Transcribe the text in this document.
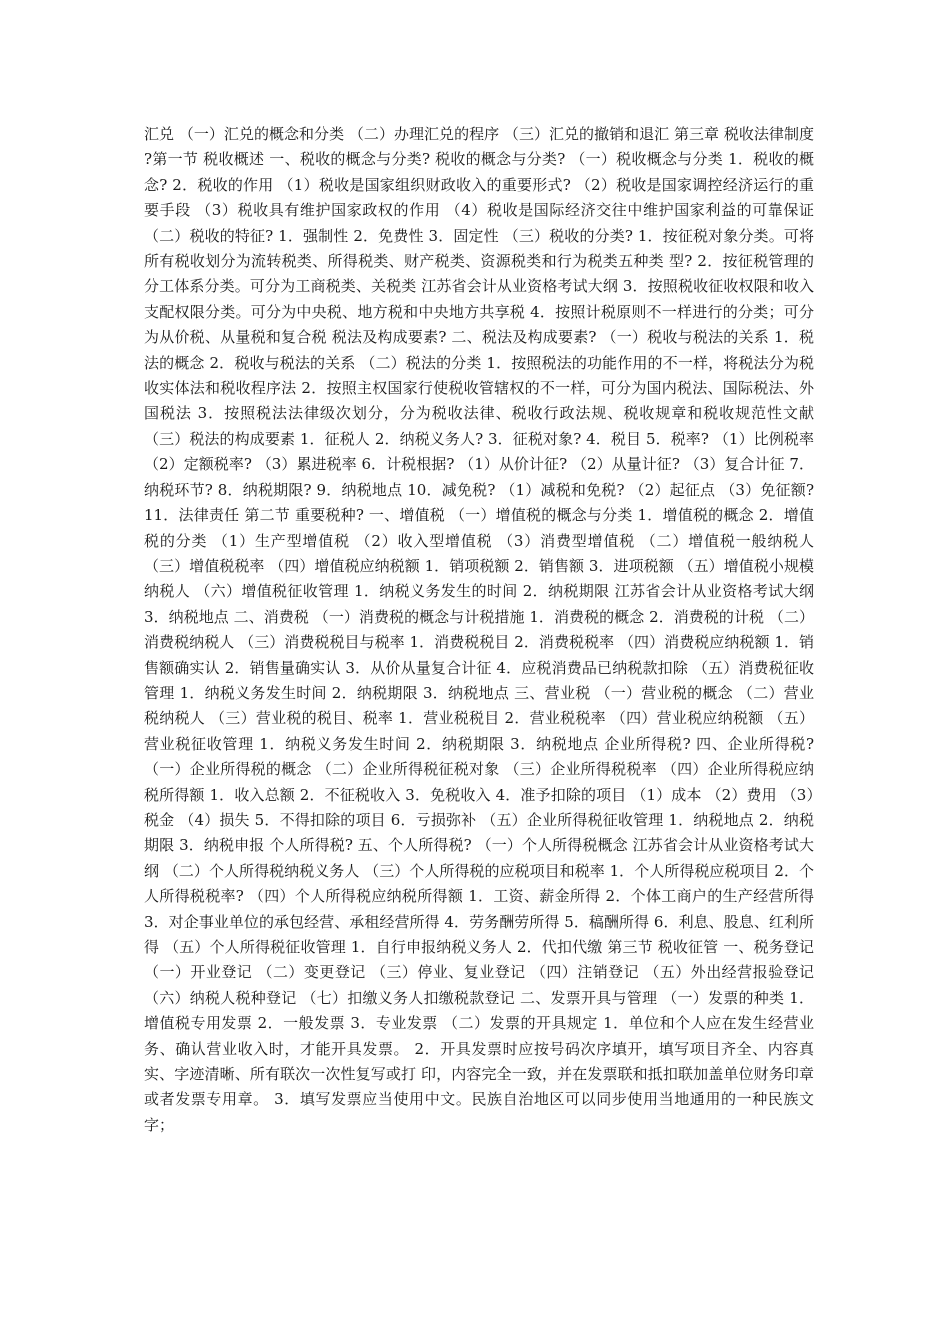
汇兑 （一）汇兑的概念和分类 （二）办理汇兑的程序 （三）汇兑的撤销和退汇 第三章 税收法律制度 ?第一节 税收概述 一、税收的概念与分类? 税收的概念与分类? （一）税收概念与分类 1．税收的概念? 2．税收的作用 （1）税收是国家组织财政收入的重要形式? （2）税收是国家调控经济运行的重要手段 （3）税收具有维护国家政权的作用 （4）税收是国际经济交往中维护国家利益的可靠保证 （二）税收的特征? 1．强制性 2．免费性 3．固定性 （三）税收的分类? 1．按征税对象分类。可将所有税收划分为流转税类、所得税类、财产税类、资源税类和行为税类五种类 型? 2．按征税管理的分工体系分类。可分为工商税类、关税类 江苏省会计从业资格考试大纲 3．按照税收征收权限和收入支配权限分类。可分为中央税、地方税和中央地方共享税 4．按照计税原则不一样进行的分类；可分为从价税、从量税和复合税 税法及构成要素? 二、税法及构成要素? （一）税收与税法的关系 1．税法的概念 2．税收与税法的关系 （二）税法的分类 1．按照税法的功能作用的不一样，将税法分为税收实体法和税收程序法 2．按照主权国家行使税收管辖权的不一样，可分为国内税法、国际税法、外国税法 3．按照税法法律级次划分，分为税收法律、税收行政法规、税收规章和税收规范性文献 （三）税法的构成要素 1．征税人 2．纳税义务人? 3．征税对象? 4．税目 5．税率? （1）比例税率 （2）定额税率? （3）累进税率 6．计税根据? （1）从价计征? （2）从量计征? （3）复合计征 7．纳税环节? 8．纳税期限? 9．纳税地点 10．减免税? （1）减税和免税? （2）起征点 （3）免征额? 11．法律责任 第二节 重要税种? 一、增值税 （一）增值税的概念与分类 1．增值税的概念 2．增值税的分类 （1）生产型增值税 （2）收入型增值税 （3）消费型增值税 （二）增值税一般纳税人 （三）增值税税率 （四）增值税应纳税额 1．销项税额 2．销售额 3．进项税额 （五）增值税小规模纳税人 （六）增值税征收管理 1．纳税义务发生的时间 2．纳税期限 江苏省会计从业资格考试大纲 3．纳税地点 二、消费税 （一）消费税的概念与计税措施 1．消费税的概念 2．消费税的计税 （二）消费税纳税人 （三）消费税税目与税率 1．消费税税目 2．消费税税率 （四）消费税应纳税额 1．销售额确实认 2．销售量确实认 3．从价从量复合计征 4．应税消费品已纳税款扣除 （五）消费税征收管理 1．纳税义务发生时间 2．纳税期限 3．纳税地点 三、营业税 （一）营业税的概念 （二）营业税纳税人 （三）营业税的税目、税率 1．营业税税目 2．营业税税率 （四）营业税应纳税额 （五）营业税征收管理 1．纳税义务发生时间 2．纳税期限 3．纳税地点 企业所得税? 四、企业所得税? （一）企业所得税的概念 （二）企业所得税征税对象 （三）企业所得税税率 （四）企业所得税应纳税所得额 1．收入总额 2．不征税收入 3．免税收入 4．准予扣除的项目 （1）成本 （2）费用 （3）税金 （4）损失 5．不得扣除的项目 6．亏损弥补 （五）企业所得税征收管理 1．纳税地点 2．纳税期限 3．纳税申报 个人所得税? 五、个人所得税? （一）个人所得税概念 江苏省会计从业资格考试大纲 （二）个人所得税纳税义务人 （三）个人所得税的应税项目和税率 1．个人所得税应税项目 2．个人所得税税率? （四）个人所得税应纳税所得额 1．工资、薪金所得 2．个体工商户的生产经营所得 3．对企事业单位的承包经营、承租经营所得 4．劳务酬劳所得 5．稿酬所得 6．利息、股息、红利所得 （五）个人所得税征收管理 1．自行申报纳税义务人 2．代扣代缴 第三节 税收征管 一、税务登记 （一）开业登记 （二）变更登记 （三）停业、复业登记 （四）注销登记 （五）外出经营报验登记 （六）纳税人税种登记 （七）扣缴义务人扣缴税款登记 二、发票开具与管理 （一）发票的种类 1．增值税专用发票 2．一般发票 3．专业发票 （二）发票的开具规定 1．单位和个人应在发生经营业务、确认营业收入时，才能开具发票。 2．开具发票时应按号码次序填开，填写项目齐全、内容真实、字迹清晰、所有联次一次性复写或打 印，内容完全一致，并在发票联和抵扣联加盖单位财务印章或者发票专用章。 3．填写发票应当使用中文。民族自治地区可以同步使用当地通用的一种民族文字；
